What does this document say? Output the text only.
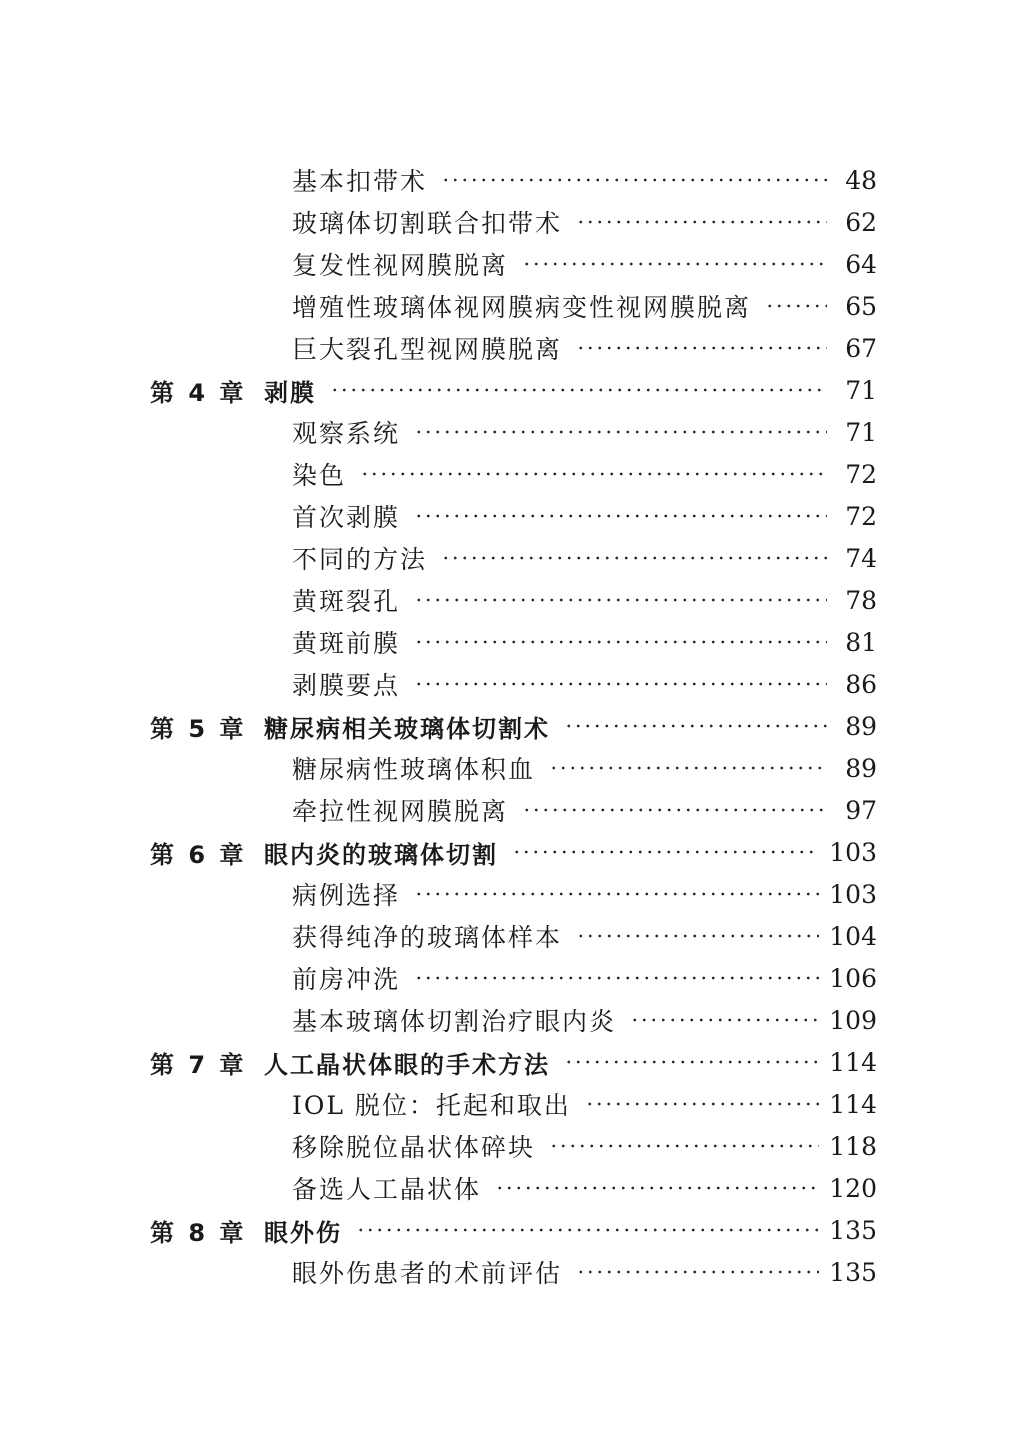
基本扣带术	48
玻璃体切割联合扣带术	62
复发性视网膜脱离	64
增殖性玻璃体视网膜病变性视网膜脱离	65
巨大裂孔型视网膜脱离	67
第 4 章 剥膜	71
观察系统	71
染色	72
首次剥膜	72
不同的方法	74
黄斑裂孔	78
黄斑前膜	81
剥膜要点	86
第 5 章 糖尿病相关玻璃体切割术	89
糖尿病性玻璃体积血	89
牵拉性视网膜脱离	97
第 6 章 眼内炎的玻璃体切割	103
病例选择	103
获得纯净的玻璃体样本	104
前房冲洗	106
基本玻璃体切割治疗眼内炎	109
第 7 章 人工晶状体眼的手术方法	114
IOL 脱位：托起和取出	114
移除脱位晶状体碎块	118
备选人工晶状体	120
第 8 章 眼外伤	135
眼外伤患者的术前评估	135
